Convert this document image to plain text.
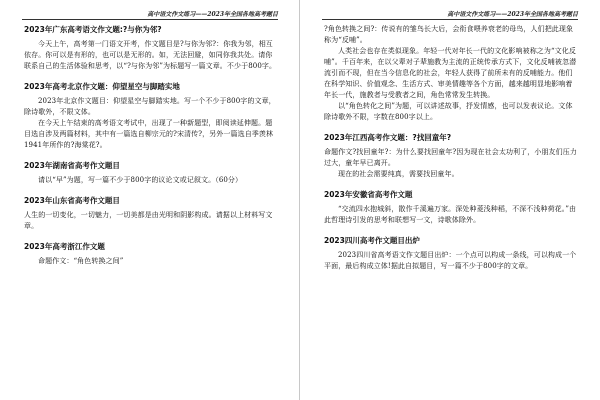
高中语文作文练习——2023年全国各地高考题目
2023年广东高考语文作文题:?与你为邻?

今天上午，高考第一门语文开考，作文题目是?与你为邻?：你我为邻，相互依存。你可以是有形的，也可以是无形的。如，无法回避，如同你我共处。请你联系自己的生活体验和思考，以“?与你为邻”为标题写一篇文章。不少于800字。

2023年高考北京作文题：仰望星空与脚踏实地

2023年北京作文题目：仰望星空与脚踏实地。写一个不少于800字的文章，除诗歌外，不限文体。

在今天上午结束的高考语文考试中，出现了一种新题型，即阅读延伸题。题目选自涉及两篇材料，其中有一篇选自柳宗元的?宋清传?，另外一篇选自季羡林1941年所作的?海棠花?。

2023年湖南省高考作文题目

请以“早”为题，写一篇不少于800字的议论文或记叙文。（60分）

2023年山东省高考作文题目

人生的一切变化，一切魅力，一切美都是由光明和阴影构成。请据以上材料写文章。

2023年高考浙江作文题

命题作文：“角色转换之间”

高中语文作文练习——2023年全国各地高考题目

?角色转换之间?：传说有的雏鸟长大后，会衔食喂养衰老的母鸟，人们把此现象称为“反哺”。

人类社会也存在类似现象。年轻一代对年长一代的文化影响被称之为“文化反哺”。千百年来，在以父辈对子辈施教为主流的正统传承方式下，文化反哺被忽潜流引而不现，但在当今信息化的社会，年轻人获得了前所未有的反哺能力。他们在科学知识、价值观念、生活方式、审美情趣等各个方面，越来越明显地影响着年长一代，施教者与受教者之间，角色常常发生转换。

以“角色转化之间”为题，可以讲述故事，抒发情感，也可以发表议论。文体除诗歌外不限，字数在800字以上。

2023年江西高考作文题：?找回童年?

命题作文?找回童年?：为什么要找回童年?因为现在社会太功利了，小朋友们压力过大，童年早已离开。

现在的社会需要纯真，需要找回童年。

2023年安徽省高考作文题

“交流四水抱城斜，散作千溪遍万家。深处种菱浅种稻，不深不浅种荷花。”由此哲理诗引发的思考和联想写一文，诗歌体除外。

2023四川高考作文题目出炉

2023四川省高考语文作文题目出炉：一个点可以构成一条线，可以构成一个平面，最后构成立体!据此自拟题目，写一篇不少于800字的文章。
